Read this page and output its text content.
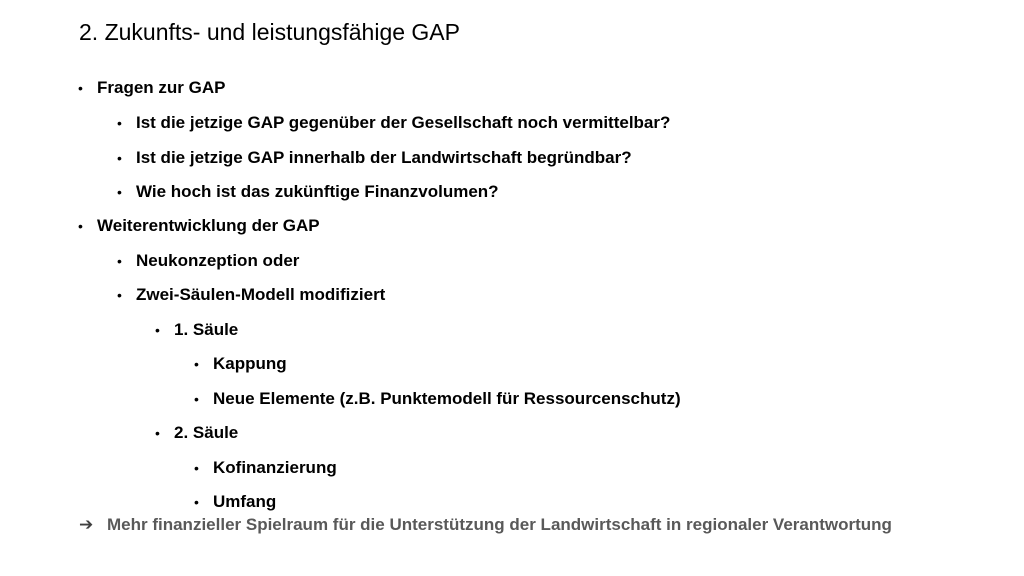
2. Zukunfts- und leistungsfähige GAP
• Fragen zur GAP
• Ist die jetzige GAP gegenüber der Gesellschaft noch vermittelbar?
• Ist die jetzige GAP innerhalb der Landwirtschaft begründbar?
• Wie hoch ist das zukünftige Finanzvolumen?
• Weiterentwicklung der GAP
• Neukonzeption oder
• Zwei-Säulen-Modell modifiziert
• 1. Säule
• Kappung
• Neue Elemente (z.B. Punktemodell für Ressourcenschutz)
• 2. Säule
• Kofinanzierung
• Umfang
➔ Mehr finanzieller Spielraum für die Unterstützung der Landwirtschaft in regionaler Verantwortung
